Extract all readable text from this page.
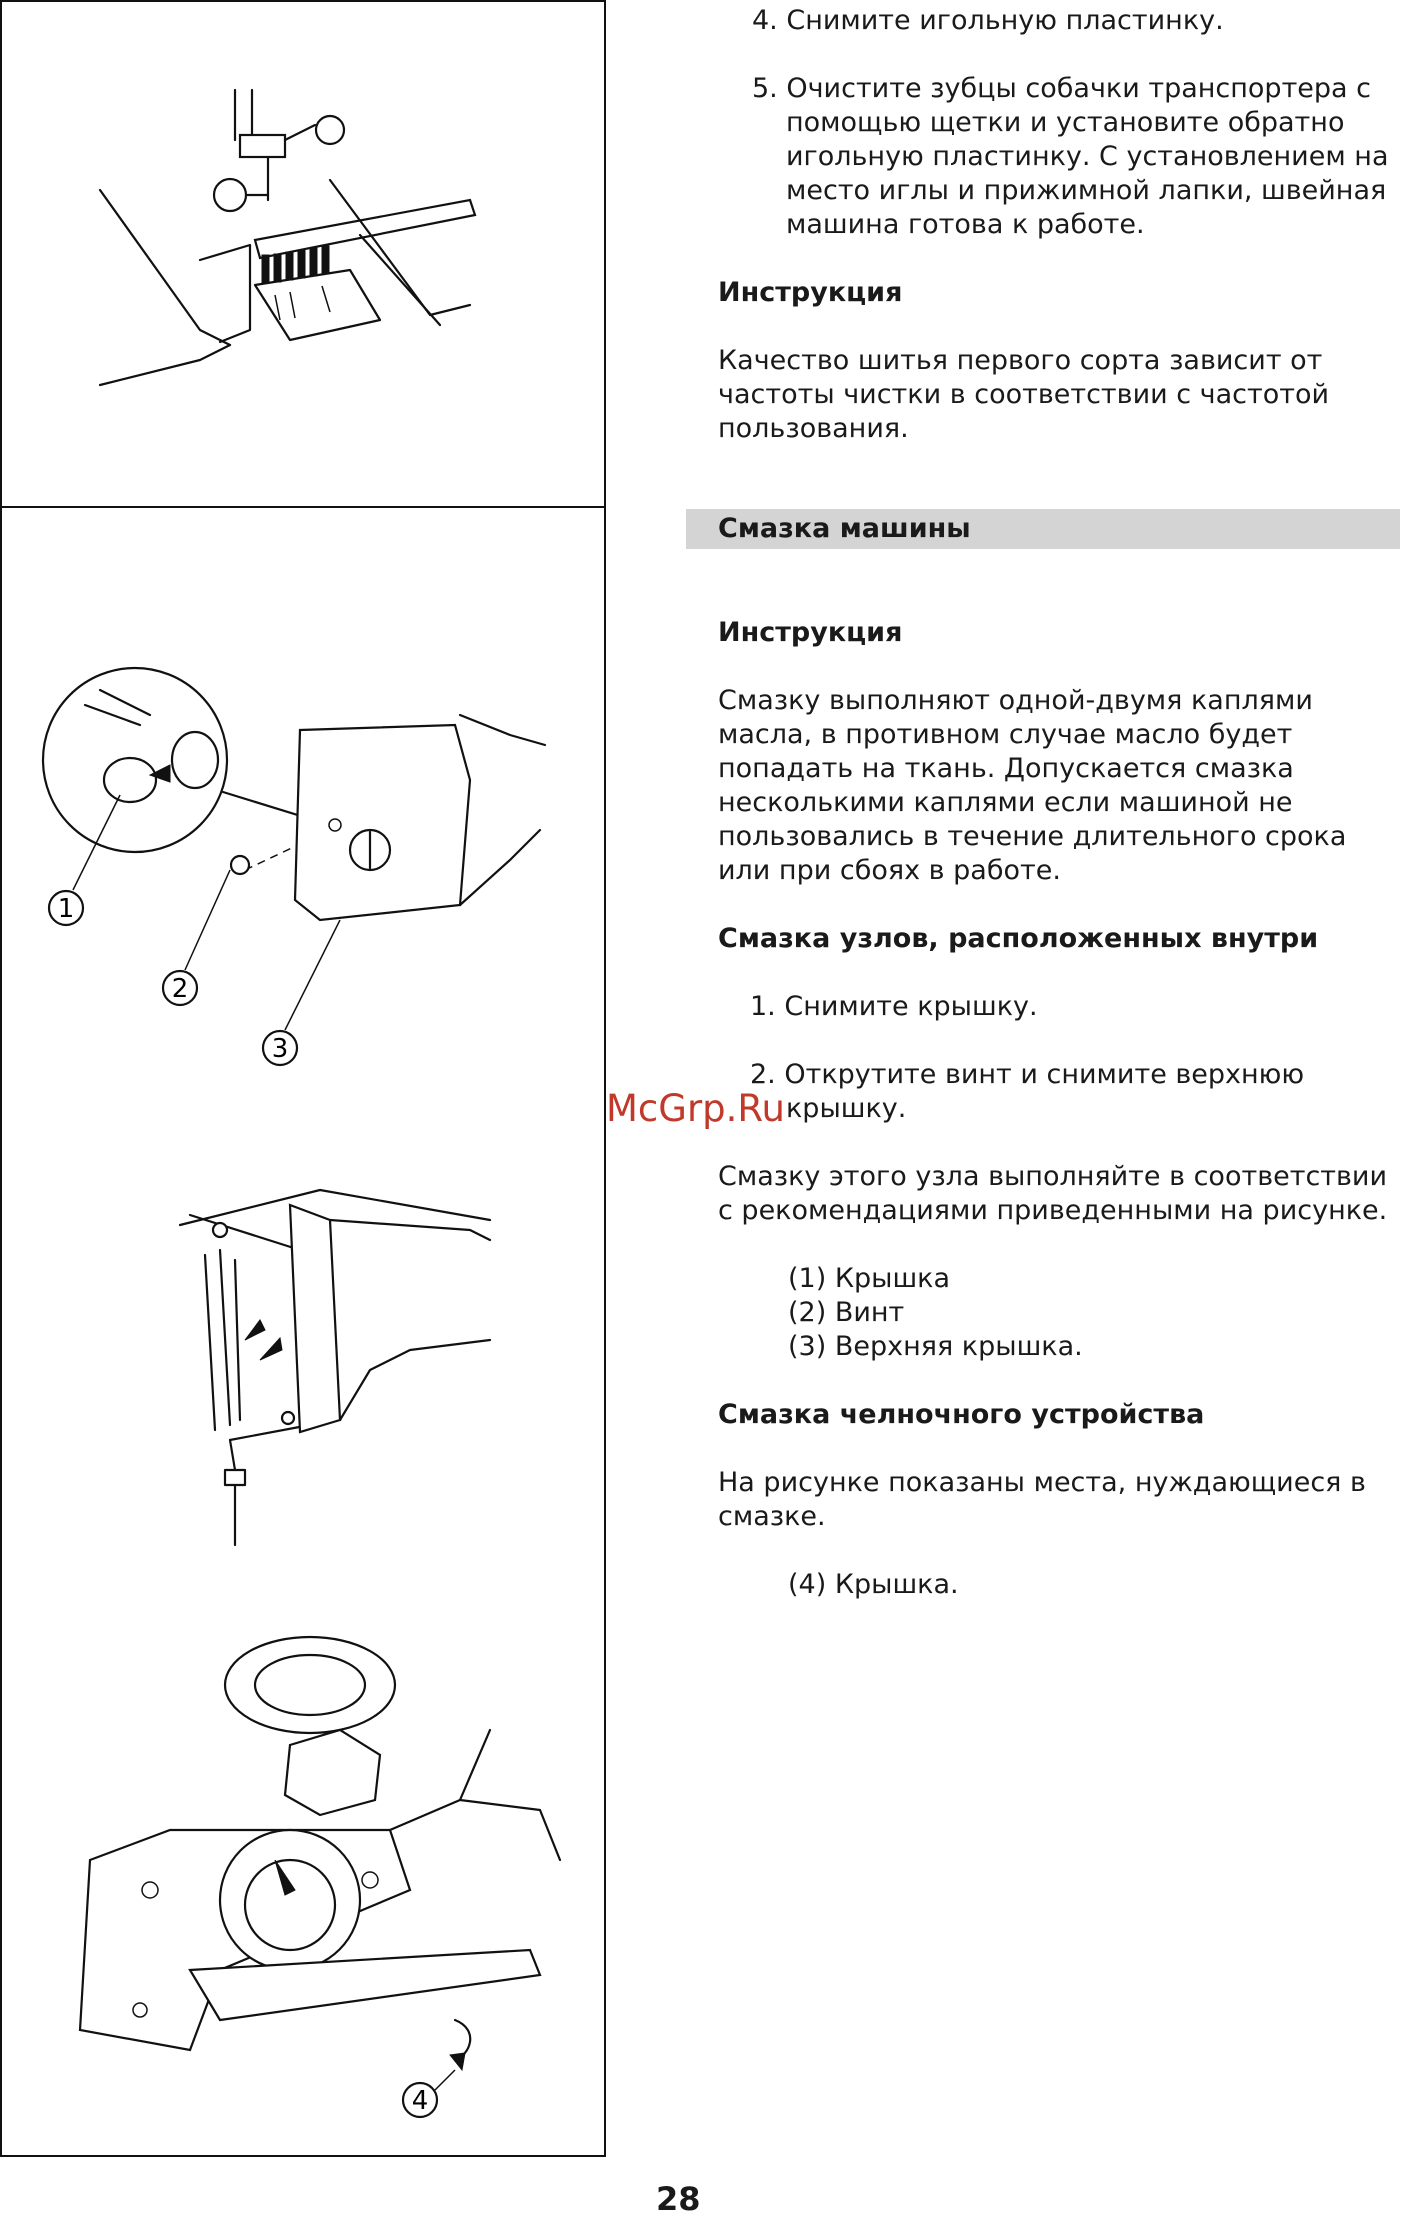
1
2
3
4

4. Снимите игольную пластинку.

5. Очистите зубцы собачки транспортера с

помощью щетки и установите обратно

игольную пластинку. С установлением на

место иглы и прижимной лапки, швейная

машина готова к работе.

Инструкция

Качество шитья первого сорта зависит от

частоты чистки в соответствии с частотой

пользования.

Смазка машины

Инструкция

Смазку выполняют одной-двумя каплями

масла, в противном случае масло будет

попадать на ткань. Допускается смазка

несколькими каплями если машиной не

пользовались в течение длительного срока

или при сбоях в работе.

Смазка узлов, расположенных внутри

1. Снимите крышку.

2. Открутите винт и снимите верхнюю

крышку.

McGrp.Ru

Смазку этого узла выполняйте в соответствии

с рекомендациями приведенными на рисунке.

(1) Крышка

(2) Винт

(3) Верхняя крышка.

Смазка челночного устройства

На рисунке показаны места, нуждающиеся в

смазке.

(4) Крышка.

28
